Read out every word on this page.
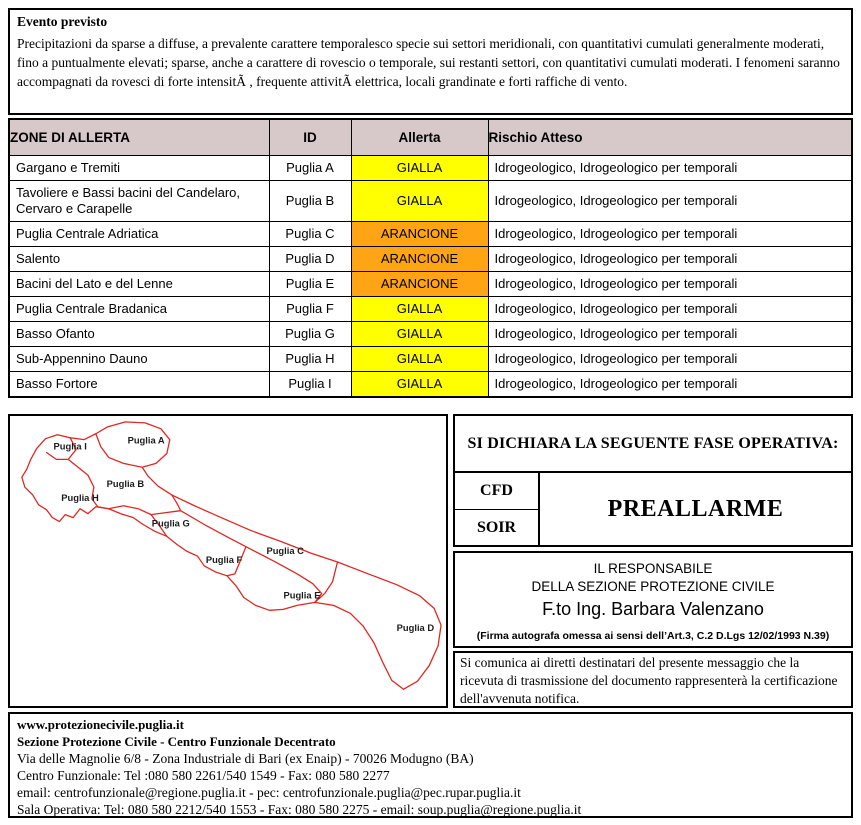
Evento previsto
Precipitazioni da sparse a diffuse, a prevalente carattere temporalesco specie sui settori meridionali, con quantitativi cumulati generalmente moderati, fino a puntualmente elevati; sparse, anche a carattere di rovescio o temporale, sui restanti settori, con quantitativi cumulati moderati. I fenomeni saranno accompagnati da rovesci di forte intensitÃ , frequente attivitÃ elettrica, locali grandinate e forti raffiche di vento.
ZONE DI ALLERTA	ID	Allerta	Rischio Atteso
Gargano e Tremiti	Puglia A	GIALLA	Idrogeologico, Idrogeologico per temporali
Tavoliere e Bassi bacini del Candelaro, Cervaro e Carapelle	Puglia B	GIALLA	Idrogeologico, Idrogeologico per temporali
Puglia Centrale Adriatica	Puglia C	ARANCIONE	Idrogeologico, Idrogeologico per temporali
Salento	Puglia D	ARANCIONE	Idrogeologico, Idrogeologico per temporali
Bacini del Lato e del Lenne	Puglia E	ARANCIONE	Idrogeologico, Idrogeologico per temporali
Puglia Centrale Bradanica	Puglia F	GIALLA	Idrogeologico, Idrogeologico per temporali
Basso Ofanto	Puglia G	GIALLA	Idrogeologico, Idrogeologico per temporali
Sub-Appennino Dauno	Puglia H	GIALLA	Idrogeologico, Idrogeologico per temporali
Basso Fortore	Puglia I	GIALLA	Idrogeologico, Idrogeologico per temporali
Puglia I
Puglia A
Puglia B
Puglia H
Puglia G
Puglia C
Puglia F
Puglia E
Puglia D
SI DICHIARA LA SEGUENTE FASE OPERATIVA:
CFD
PREALLARME
SOIR
IL RESPONSABILE
DELLA SEZIONE PROTEZIONE CIVILE
F.to Ing. Barbara Valenzano
(Firma autografa omessa ai sensi dell’Art.3, C.2 D.Lgs 12/02/1993 N.39)
Si comunica ai diretti destinatari del presente messaggio che la ricevuta di trasmissione del documento rappresenterà la certificazione dell'avvenuta notifica.
www.protezionecivile.puglia.it
Sezione Protezione Civile - Centro Funzionale Decentrato
Via delle Magnolie 6/8 - Zona Industriale di Bari (ex Enaip) - 70026 Modugno (BA)
Centro Funzionale: Tel :080 580 2261/540 1549 - Fax: 080 580 2277
email: centrofunzionale@regione.puglia.it - pec: centrofunzionale.puglia@pec.rupar.puglia.it
Sala Operativa: Tel: 080 580 2212/540 1553 - Fax: 080 580 2275 - email: soup.puglia@regione.puglia.it
